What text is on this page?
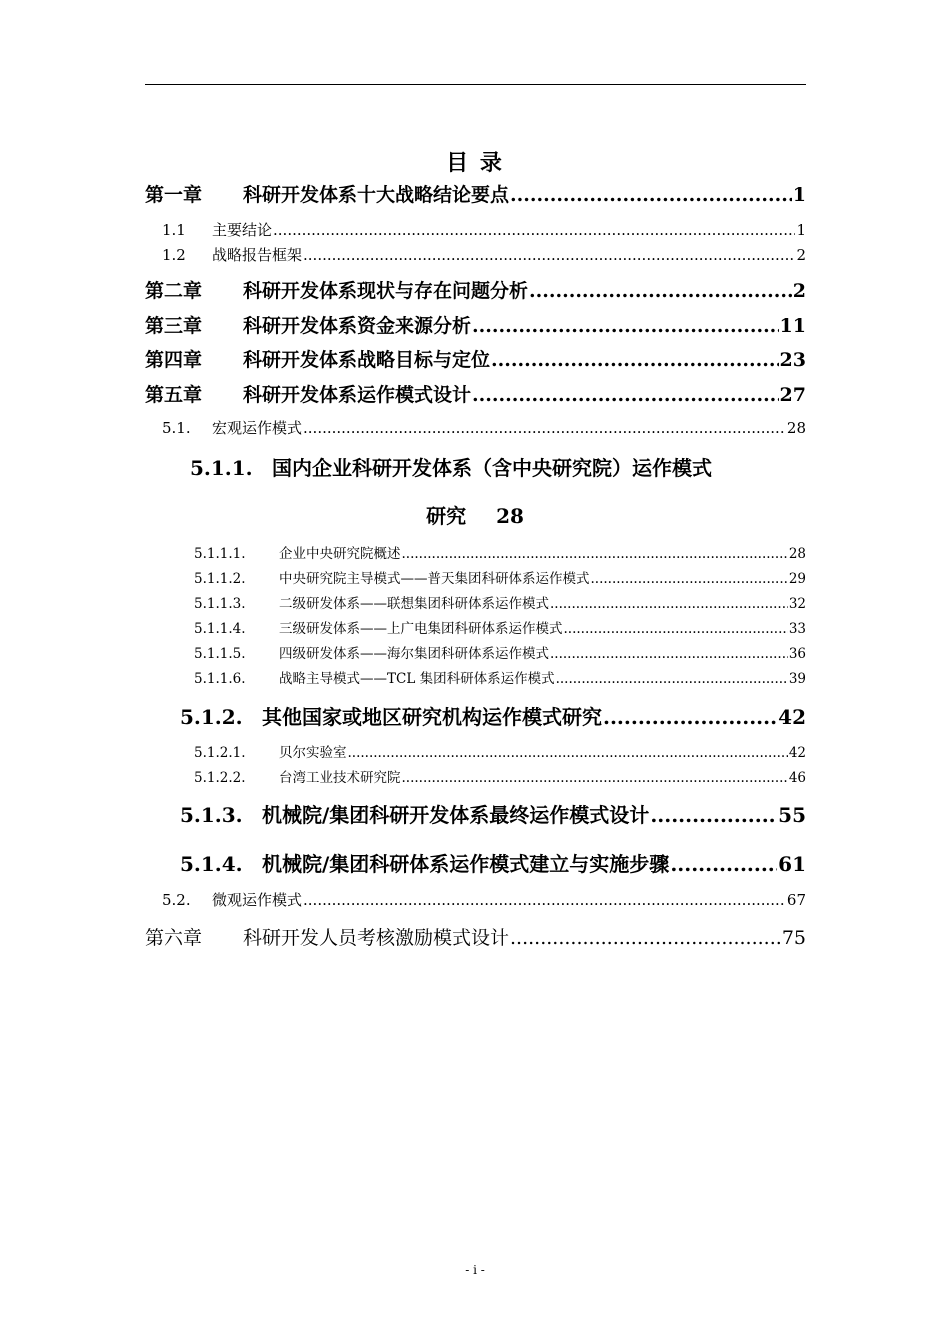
目 录
第一章	科研开发体系十大战略结论要点 .....	1
1.1	主要结论 .....	1
1.2	战略报告框架 .....	2
第二章	科研开发体系现状与存在问题分析 .....	2
第三章	科研开发体系资金来源分析 .....	11
第四章	科研开发体系战略目标与定位 .....	23
第五章	科研开发体系运作模式设计 .....	27
5.1.	宏观运作模式 .....	28
5.1.1. 国内企业科研开发体系（含中央研究院）运作模式
研究 28
5.1.1.1.	企业中央研究院概述 .....	28
5.1.1.2.	中央研究院主导模式——普天集团科研体系运作模式 .....	29
5.1.1.3.	二级研发体系——联想集团科研体系运作模式 .....	32
5.1.1.4.	三级研发体系——上广电集团科研体系运作模式 .....	33
5.1.1.5.	四级研发体系——海尔集团科研体系运作模式 .....	36
5.1.1.6.	战略主导模式——TCL 集团科研体系运作模式 .....	39
5.1.2. 其他国家或地区研究机构运作模式研究 .....	42
5.1.2.1.	贝尔实验室 .....	42
5.1.2.2.	台湾工业技术研究院 .....	46
5.1.3. 机械院/集团科研开发体系最终运作模式设计 .....	55
5.1.4. 机械院/集团科研体系运作模式建立与实施步骤 .....	61
5.2.	微观运作模式 .....	67
第六章	科研开发人员考核激励模式设计 .....	75
- i -
